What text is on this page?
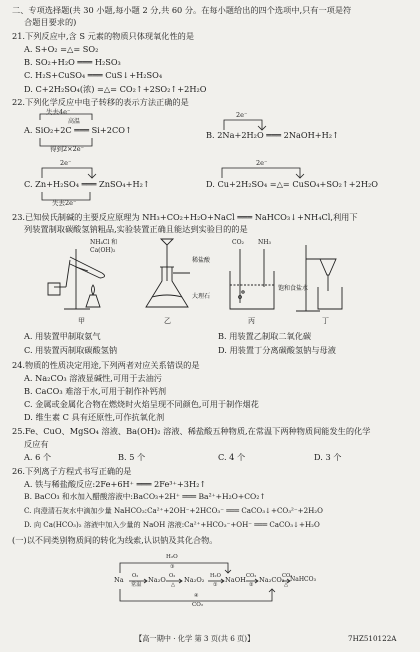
二、专项选择题(共 30 小题,每小题 2 分,共 60 分。在每小题给出的四个选项中,只有一项是符
合题目要求的)
21.下列反应中,含 S 元素的物质只体现氧化性的是
A. S+O₂ =△= SO₂
B. SO₂+H₂O ═══ H₂SO₃
C. H₂S+CuSO₄ ═══ CuS↓+H₂SO₄
D. C+2H₂SO₄(浓) =△= CO₂↑+2SO₂↑+2H₂O
22.下列化学反应中电子转移的表示方法正确的是
失去4e⁻
高温
A. SiO₂+2C ═══ Si+2CO↑
得到2×2e⁻
2e⁻
B. 2Na+2H₂O ═══ 2NaOH+H₂↑
2e⁻
C. Zn+H₂SO₄ ═══ ZnSO₄+H₂↑
失去2e⁻
2e⁻
D. Cu+2H₂SO₄ =△= CuSO₄+SO₂↑+2H₂O
23.已知侯氏制碱的主要反应原理为 NH₃+CO₂+H₂O+NaCl ═══ NaHCO₃↓+NH₄Cl,利用下
列装置制取碳酸氢钠粗品,实验装置正确且能达到实验目的的是
NH₄Cl 和
Ca(OH)₂
稀盐酸
大理石
CO₂ NH₃
饱和食盐水
甲	乙	丙	丁
A. 用装置甲制取氨气	B. 用装置乙制取二氧化碳
C. 用装置丙制取碳酸氢钠	D. 用装置丁分离碳酸氢钠与母液
24.物质的性质决定用途,下列两者对应关系错误的是
A. Na₂CO₃ 溶液显碱性,可用于去油污
B. CaCO₃ 难溶于水,可用于制作补钙剂
C. 金属或金属化合物在燃烧时火焰呈现不同颜色,可用于制作烟花
D. 维生素 C 具有还原性,可作抗氧化剂
25.Fe、CuO、MgSO₄ 溶液、Ba(OH)₂ 溶液、稀盐酸五种物质,在常温下两种物质间能发生的化学
反应有
A. 6 个	B. 5 个	C. 4 个	D. 3 个
26.下列离子方程式书写正确的是
A. 铁与稀盐酸反应:2Fe+6H⁺ ═══ 2Fe³⁺+3H₂↑
B. BaCO₃ 和水加入醋酸溶液中:BaCO₃+2H⁺ ═══ Ba²⁺+H₂O+CO₂↑
C. 向澄清石灰水中滴加少量 NaHCO₃:Ca²⁺+2OH⁻+2HCO₃⁻ ═══ CaCO₃↓+CO₃²⁻+2H₂O
D. 向 Ca(HCO₃)₂ 溶液中加入少量的 NaOH 溶液:Ca²⁺+HCO₃⁻+OH⁻ ═══ CaCO₃↓+H₂O
(一)以不同类别物质间的转化为线索,认识钠及其化合物。
Na O₂
常温
Na₂O O₂
△
Na₂O₂ H₂O
①
NaOH CO₂
②
Na₂CO₃
CO₂
△
NaHCO₃
H₂O
③
CO₂
④
【高一期中 · 化学 第 3 页(共 6 页)】	7HZ510122A
